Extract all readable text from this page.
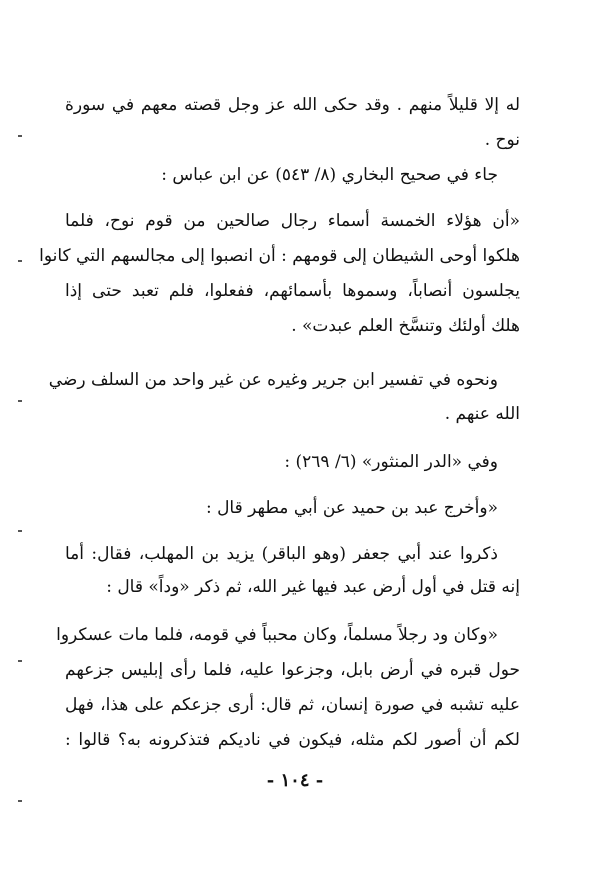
له إلا قليلاً منهم . وقد حكى الله عز وجل قصته معهم في سورة
نوح .
جاء في صحيح البخاري (٨/ ٥٤٣) عن ابن عباس :
«أن هؤلاء الخمسة أسماء رجال صالحين من قوم نوح، فلما
هلكوا أوحى الشيطان إلى قومهم : أن انصبوا إلى مجالسهم التي كانوا
يجلسون أنصاباً، وسموها بأسمائهم، ففعلوا، فلم تعبد حتى إذا
هلك أولئك وتنسَّخ العلم عبدت» .
ونحوه في تفسير ابن جرير وغيره عن غير واحد من السلف رضي
الله عنهم .
وفي «الدر المنثور» (٦/ ٢٦٩) :
«وأخرج عبد بن حميد عن أبي مطهر قال :
ذكروا عند أبي جعفر (وهو الباقر) يزيد بن المهلب، فقال: أما
إنه قتل في أول أرض عبد فيها غير الله، ثم ذكر «وداً» قال :
«وكان ود رجلاً مسلماً، وكان محبباً في قومه، فلما مات عسكروا
حول قبره في أرض بابل، وجزعوا عليه، فلما رأى إبليس جزعهم
عليه تشبه في صورة إنسان، ثم قال: أرى جزعكم على هذا، فهل
لكم أن أصور لكم مثله، فيكون في ناديكم فتذكرونه به؟ قالوا :
- ١٠٤ -
